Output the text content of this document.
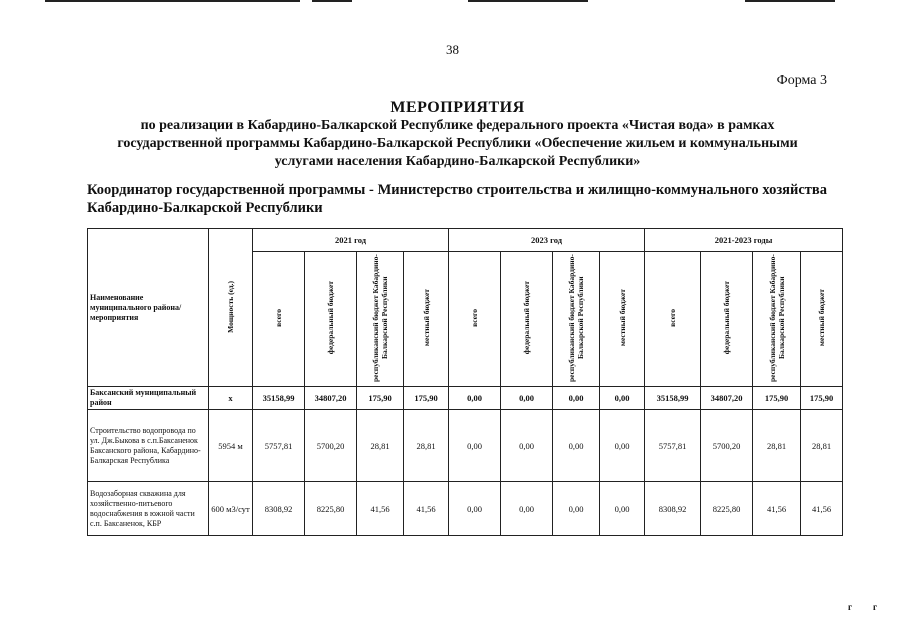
38
Форма 3
МЕРОПРИЯТИЯ
по реализации в Кабардино-Балкарской Республике федерального проекта «Чистая вода» в рамках
государственной программы Кабардино-Балкарской Республики «Обеспечение жильем и коммунальными
услугами населения Кабардино-Балкарской Республики»
Координатор государственной программы - Министерство строительства и жилищно-коммунального хозяйства Кабардино-Балкарской Республики
Наименование муниципального района/мероприятия	Мощность (ед.)	2021 год				2023 год				2021-2023 годы			
		всего	федеральный бюджет	республиканский бюджет Кабардино-Балкарской Республики	местный бюджет	всего	федеральный бюджет	республиканский бюджет Кабардино-Балкарской Республики	местный бюджет	всего	федеральный бюджет	республиканский бюджет Кабардино-Балкарской Республики	местный бюджет
Баксанский муниципальный район	x	35158,99	34807,20	175,90	175,90	0,00	0,00	0,00	0,00	35158,99	34807,20	175,90	175,90
Строительство водопровода по ул. Дж.Быкова в с.п.Баксаненок Баксанского района, Кабардино-Балкарская Республика	5954 м	5757,81	5700,20	28,81	28,81	0,00	0,00	0,00	0,00	5757,81	5700,20	28,81	28,81
Водозаборная скважина для хозяйственно-питьевого водоснабжения в южной части с.п. Баксаненок, КБР	600 м3/сут	8308,92	8225,80	41,56	41,56	0,00	0,00	0,00	0,00	8308,92	8225,80	41,56	41,56
г г
